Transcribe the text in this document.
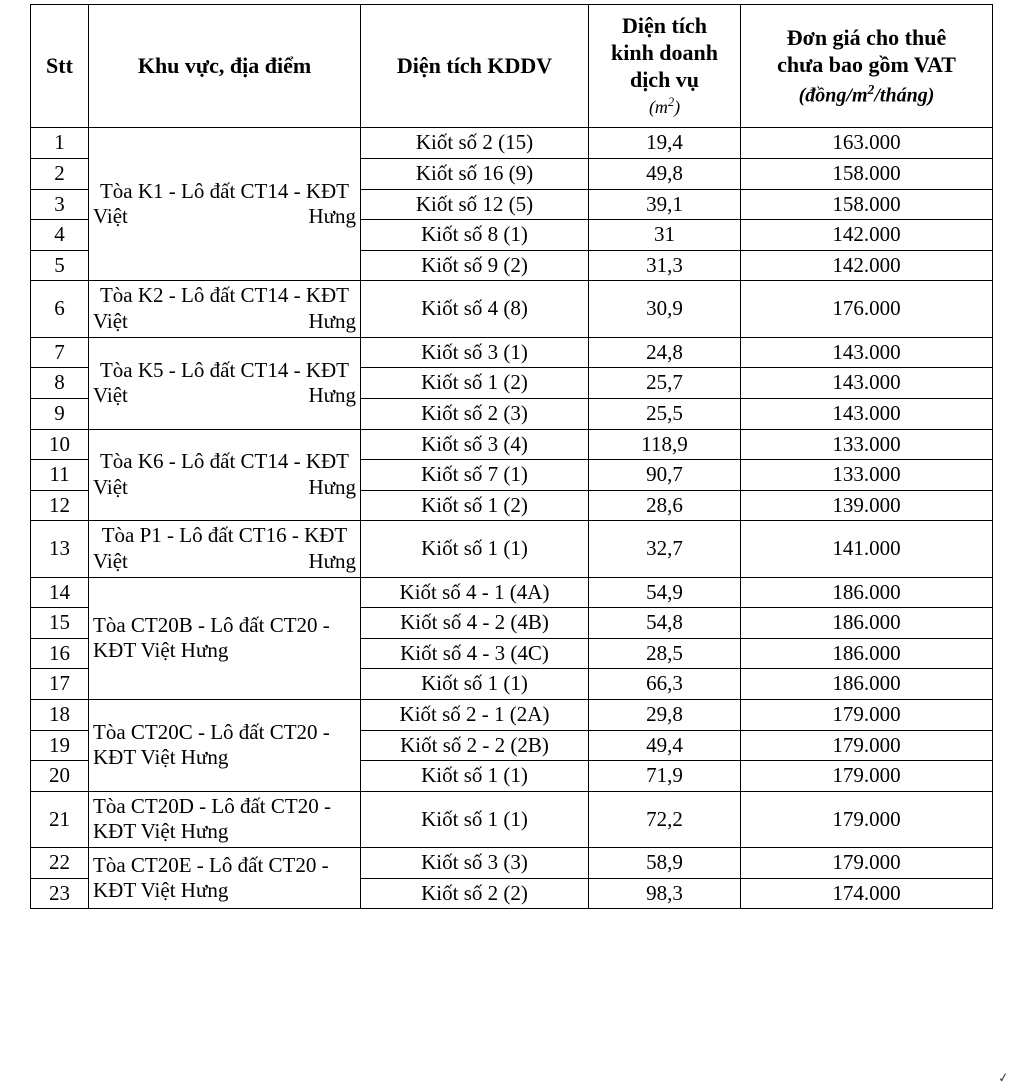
Stt	Khu vực, địa điểm	Diện tích KDDV	Diện tích
kinh doanh
dịch vụ
$(m^2)$	Đơn giá cho thuê
chưa bao gồm VAT
$(đồng/m^2/tháng)$

1	Tòa K1 - Lô đất CT14 - KĐT Việt Hưng	Kiốt số 2 (15)	19,4	163.000
2		Kiốt số 16 (9)	49,8	158.000
3		Kiốt số 12 (5)	39,1	158.000
4		Kiốt số 8 (1)	31	142.000
5		Kiốt số 9 (2)	31,3	142.000
6	Tòa K2 - Lô đất CT14 - KĐT Việt Hưng	Kiốt số 4 (8)	30,9	176.000
7	Tòa K5 - Lô đất CT14 - KĐT Việt Hưng	Kiốt số 3 (1)	24,8	143.000
8		Kiốt số 1 (2)	25,7	143.000
9		Kiốt số 2 (3)	25,5	143.000
10	Tòa K6 - Lô đất CT14 - KĐT Việt Hưng	Kiốt số 3 (4)	118,9	133.000
11		Kiốt số 7 (1)	90,7	133.000
12		Kiốt số 1 (2)	28,6	139.000
13	Tòa P1 - Lô đất CT16 - KĐT Việt Hưng	Kiốt số 1 (1)	32,7	141.000
14	Tòa CT20B - Lô đất CT20 - KĐT Việt Hưng	Kiốt số 4 - 1 (4A)	54,9	186.000
15		Kiốt số 4 - 2 (4B)	54,8	186.000
16		Kiốt số 4 - 3 (4C)	28,5	186.000
17		Kiốt số 1 (1)	66,3	186.000
18	Tòa CT20C - Lô đất CT20 - KĐT Việt Hưng	Kiốt số 2 - 1 (2A)	29,8	179.000
19		Kiốt số 2 - 2 (2B)	49,4	179.000
20		Kiốt số 1 (1)	71,9	179.000
21	Tòa CT20D - Lô đất CT20 - KĐT Việt Hưng	Kiốt số 1 (1)	72,2	179.000
22	Tòa CT20E - Lô đất CT20 - KĐT Việt Hưng	Kiốt số 3 (3)	58,9	179.000
23		Kiốt số 2 (2)	98,3	174.000
✓
